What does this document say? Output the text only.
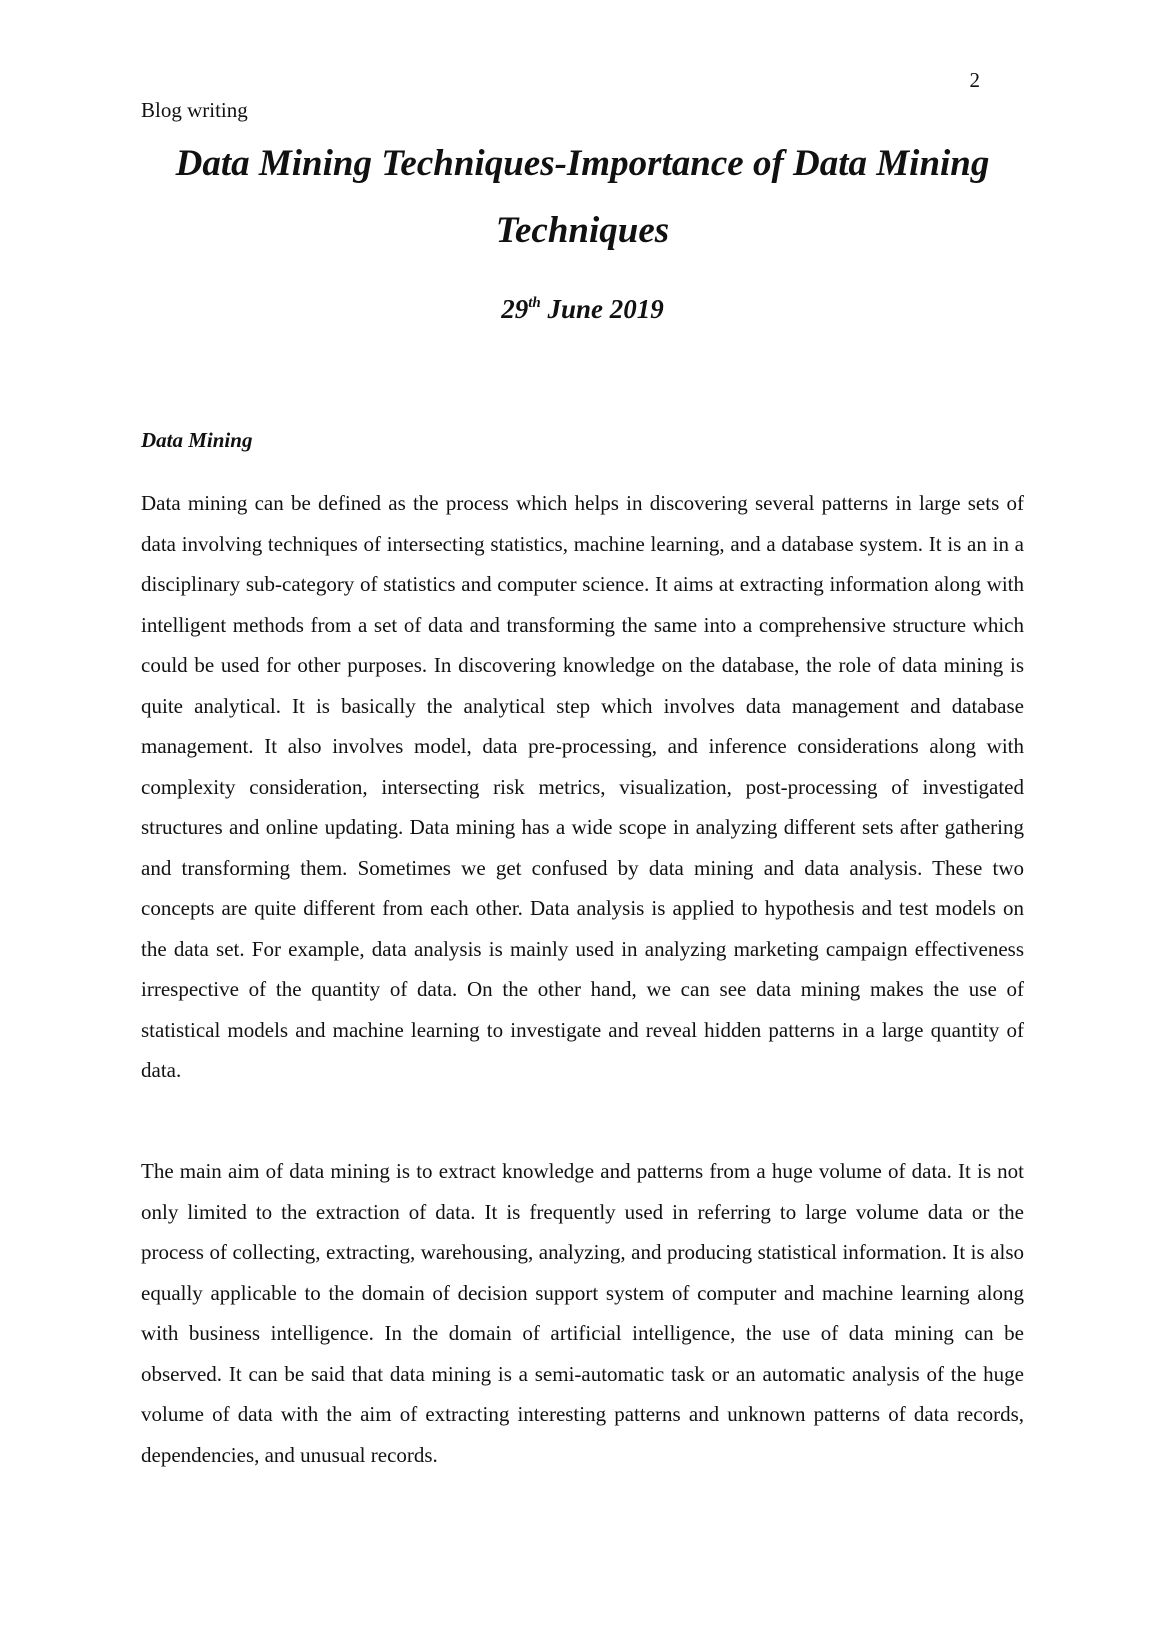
2
Blog writing
Data Mining Techniques-Importance of Data Mining Techniques
29th June 2019
Data Mining

Data mining can be defined as the process which helps in discovering several patterns in large sets of data involving techniques of intersecting statistics, machine learning, and a database system. It is an in a disciplinary sub-category of statistics and computer science. It aims at extracting information along with intelligent methods from a set of data and transforming the same into a comprehensive structure which could be used for other purposes. In discovering knowledge on the database, the role of data mining is quite analytical. It is basically the analytical step which involves data management and database management. It also involves model, data pre-processing, and inference considerations along with complexity consideration, intersecting risk metrics, visualization, post-processing of investigated structures and online updating. Data mining has a wide scope in analyzing different sets after gathering and transforming them. Sometimes we get confused by data mining and data analysis. These two concepts are quite different from each other. Data analysis is applied to hypothesis and test models on the data set. For example, data analysis is mainly used in analyzing marketing campaign effectiveness irrespective of the quantity of data. On the other hand, we can see data mining makes the use of statistical models and machine learning to investigate and reveal hidden patterns in a large quantity of data.

The main aim of data mining is to extract knowledge and patterns from a huge volume of data. It is not only limited to the extraction of data. It is frequently used in referring to large volume data or the process of collecting, extracting, warehousing, analyzing, and producing statistical information. It is also equally applicable to the domain of decision support system of computer and machine learning along with business intelligence. In the domain of artificial intelligence, the use of data mining can be observed. It can be said that data mining is a semi-automatic task or an automatic analysis of the huge volume of data with the aim of extracting interesting patterns and unknown patterns of data records, dependencies, and unusual records.
